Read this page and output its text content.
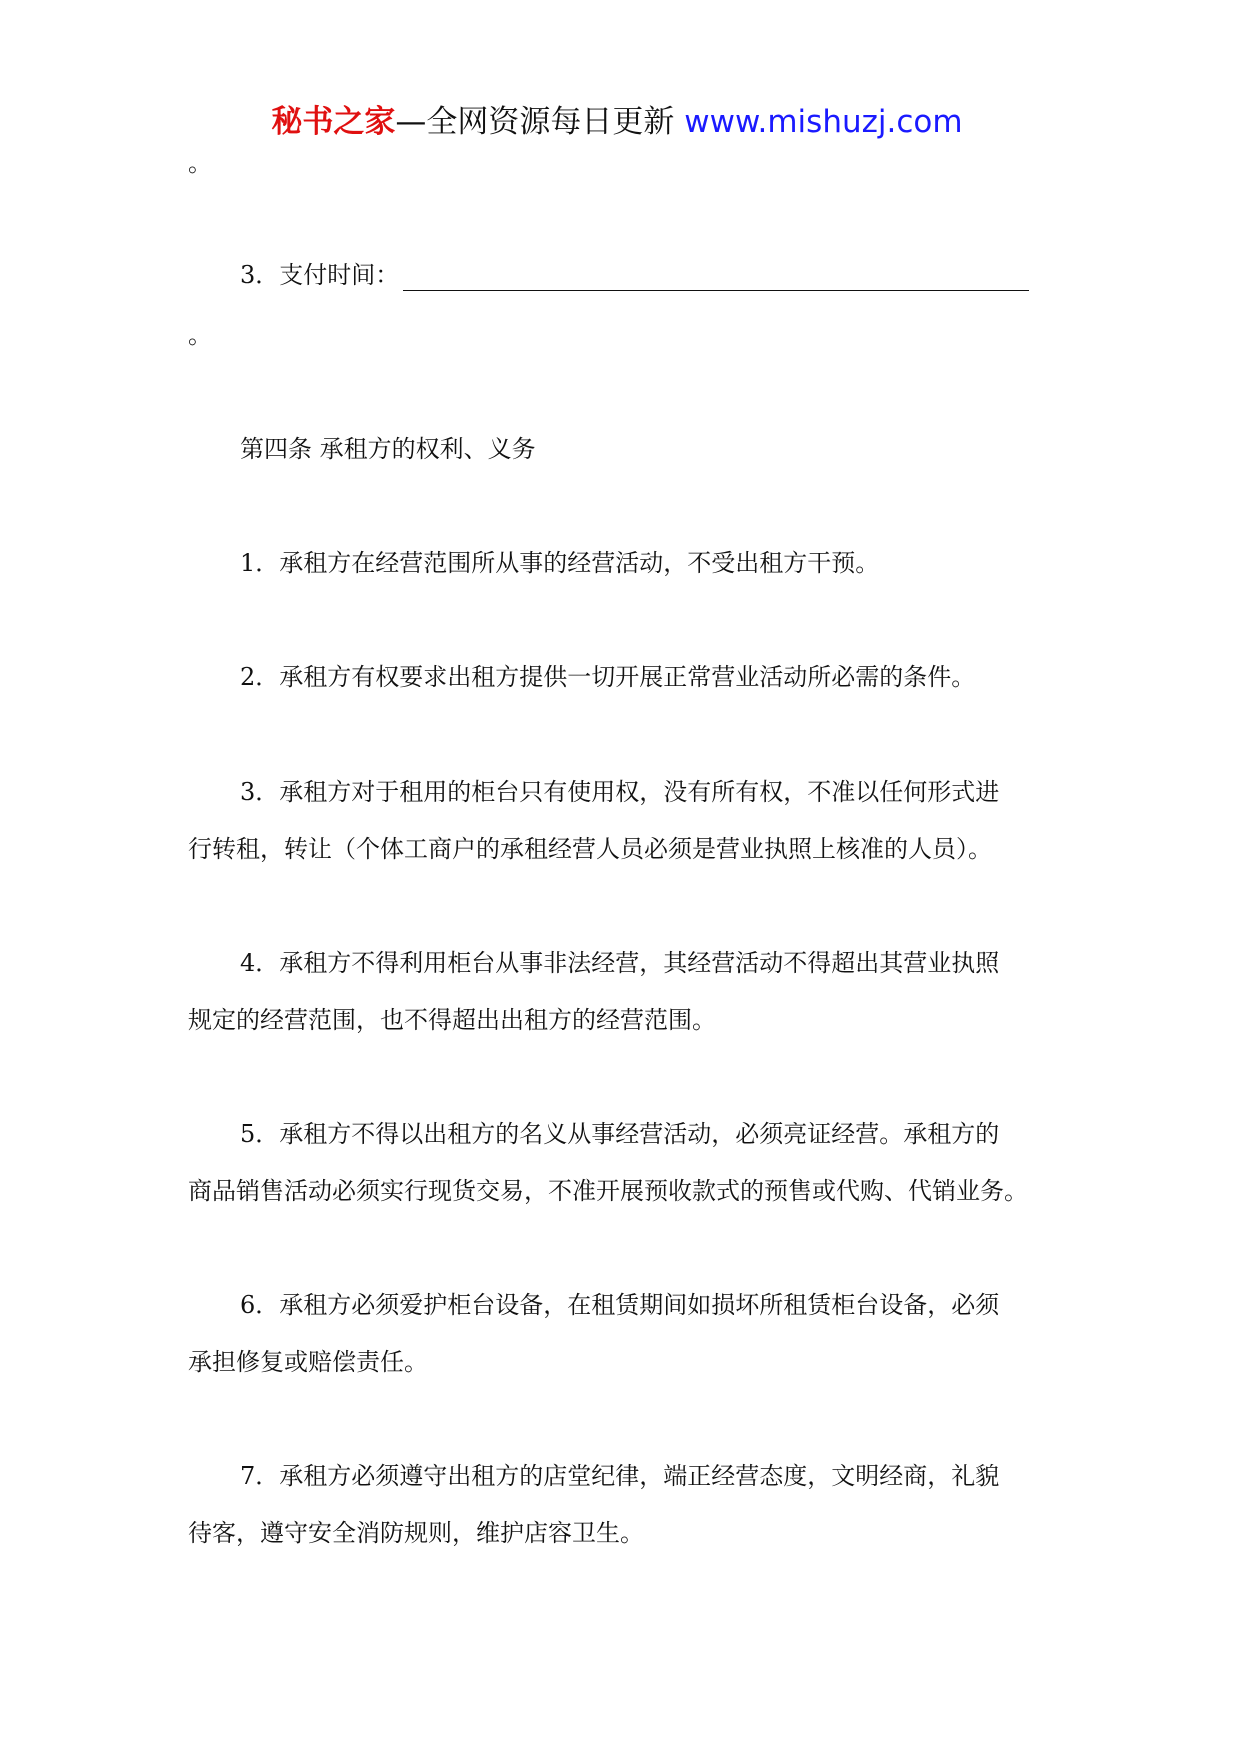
秘书之家—全网资源每日更新 www.mishuzj.com
。
3．支付时间：
。
第四条 承租方的权利、义务
1．承租方在经营范围所从事的经营活动，不受出租方干预。
2．承租方有权要求出租方提供一切开展正常营业活动所必需的条件。
3．承租方对于租用的柜台只有使用权，没有所有权，不准以任何形式进
行转租，转让（个体工商户的承租经营人员必须是营业执照上核准的人员）。
4．承租方不得利用柜台从事非法经营，其经营活动不得超出其营业执照
规定的经营范围，也不得超出出租方的经营范围。
5．承租方不得以出租方的名义从事经营活动，必须亮证经营。承租方的
商品销售活动必须实行现货交易，不准开展预收款式的预售或代购、代销业务。
6．承租方必须爱护柜台设备，在租赁期间如损坏所租赁柜台设备，必须
承担修复或赔偿责任。
7．承租方必须遵守出租方的店堂纪律，端正经营态度，文明经商，礼貌
待客，遵守安全消防规则，维护店容卫生。
